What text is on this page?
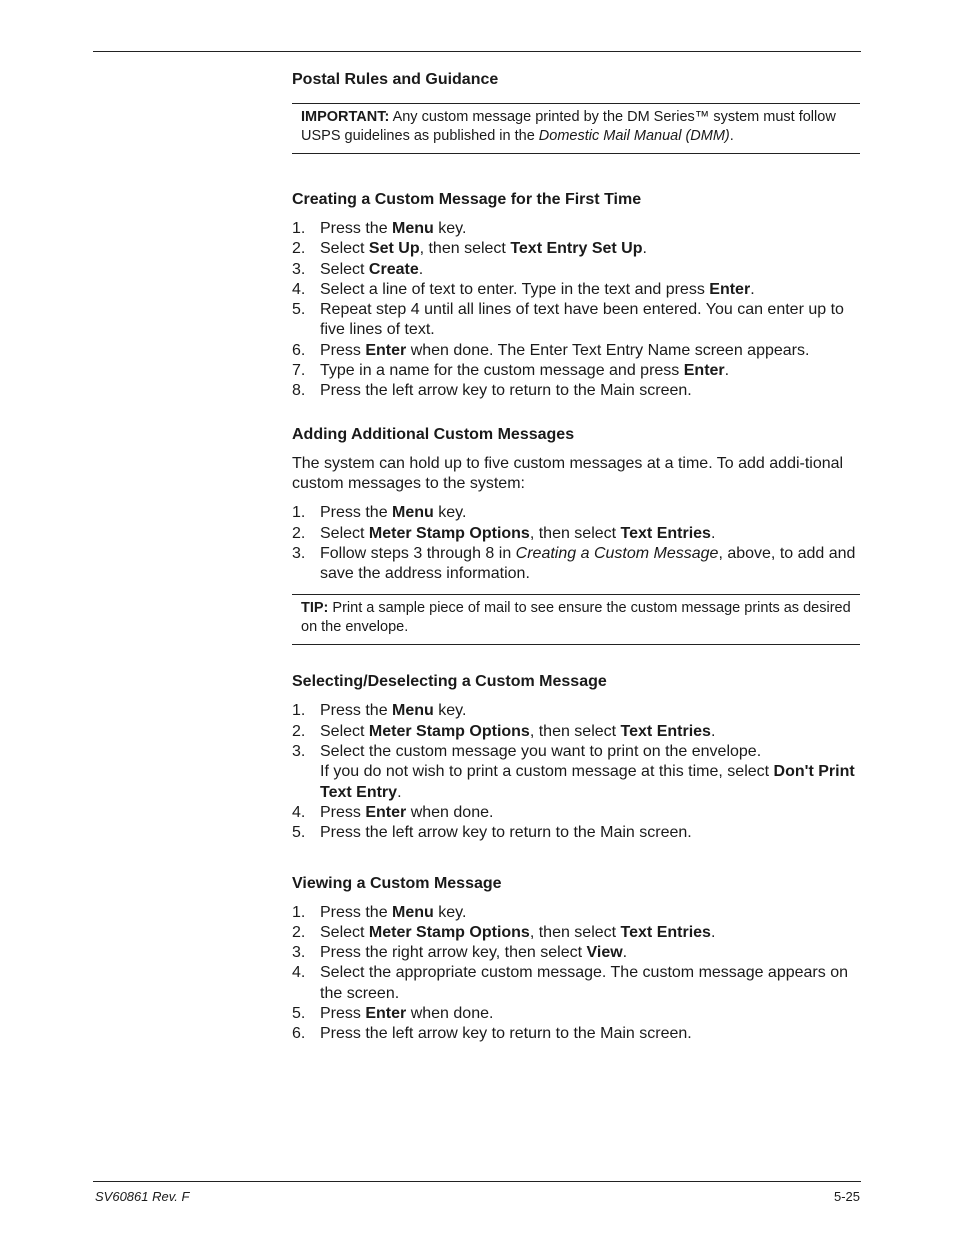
Postal Rules and Guidance
IMPORTANT: Any custom message printed by the DM Series™ system must follow USPS guidelines as published in the Domestic Mail Manual (DMM).
Creating a Custom Message for the First Time
1. Press the Menu key.
2. Select Set Up, then select Text Entry Set Up.
3. Select Create.
4. Select a line of text to enter. Type in the text and press Enter.
5. Repeat step 4 until all lines of text have been entered. You can enter up to five lines of text.
6. Press Enter when done. The Enter Text Entry Name screen appears.
7. Type in a name for the custom message and press Enter.
8. Press the left arrow key to return to the Main screen.
Adding Additional Custom Messages

The system can hold up to five custom messages at a time. To add addi-tional custom messages to the system:

1. Press the Menu key.
2. Select Meter Stamp Options, then select Text Entries.
3. Follow steps 3 through 8 in Creating a Custom Message, above, to add and save the address information.
TIP: Print a sample piece of mail to see ensure the custom message prints as desired on the envelope.
Selecting/Deselecting a Custom Message
1. Press the Menu key.
2. Select Meter Stamp Options, then select Text Entries.
3. Select the custom message you want to print on the envelope.
If you do not wish to print a custom message at this time, select Don't Print Text Entry.
4. Press Enter when done.
5. Press the left arrow key to return to the Main screen.
Viewing a Custom Message
1. Press the Menu key.
2. Select Meter Stamp Options, then select Text Entries.
3. Press the right arrow key, then select View.
4. Select the appropriate custom message. The custom message appears on the screen.
5. Press Enter when done.
6. Press the left arrow key to return to the Main screen.
SV60861 Rev. F	5-25
